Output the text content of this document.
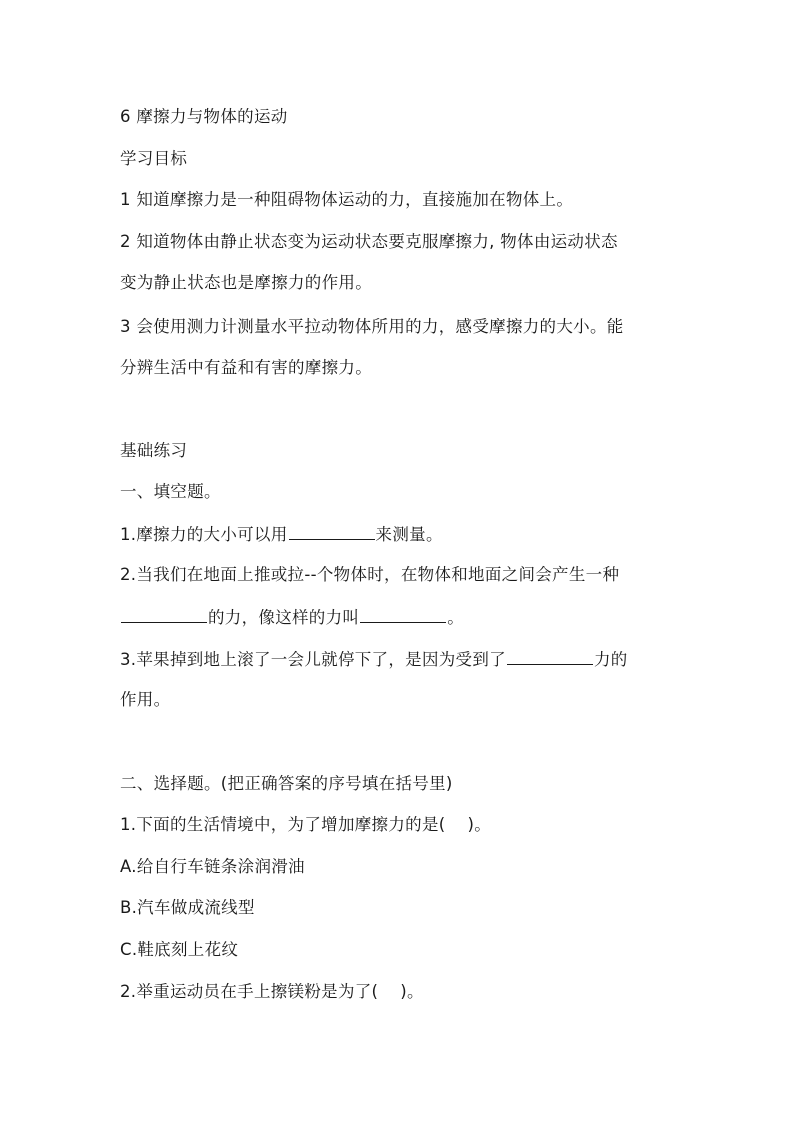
6 摩擦力与物体的运动
学习目标
1 知道摩擦力是一种阻碍物体运动的力，直接施加在物体上。
2 知道物体由静止状态变为运动状态要克服摩擦力, 物体由运动状态
变为静止状态也是摩擦力的作用。
3 会使用测力计测量水平拉动物体所用的力，感受摩擦力的大小。能
分辨生活中有益和有害的摩擦力。
基础练习
一、填空题。
1.摩擦力的大小可以用	来测量。
2.当我们在地面上推或拉--个物体时，在物体和地面之间会产生一种
的力，像这样的力叫	。
3.苹果掉到地上滚了一会儿就停下了，是因为受到了	力的
作用。
二、选择题。(把正确答案的序号填在括号里)
1.下面的生活情境中，为了增加摩擦力的是( )。
A.给自行车链条涂润滑油
B.汽车做成流线型
C.鞋底刻上花纹
2.举重运动员在手上擦镁粉是为了( )。
